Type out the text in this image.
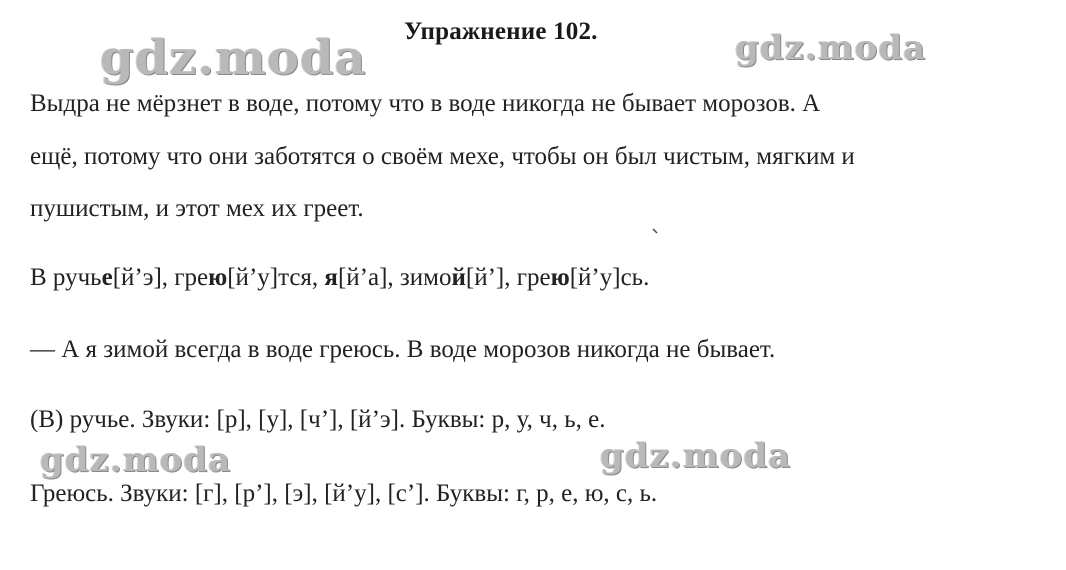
gdz.moda	gdz.moda
gdz.moda	gdz.moda
Упражнение 102.
Выдра не мёрзнет в воде, потому что в воде никогда не бывает морозов. А
ещё, потому что они заботятся о своём мехе, чтобы он был чистым, мягким и
пушистым, и этот мех их греет.
В ручье[й’э], грею[й’у]тся, я[й’а], зимой[й’], грею[й’у]сь.
— А я зимой всегда в воде греюсь. В воде морозов никогда не бывает.
(В) ручье. Звуки: [р], [у], [ч’], [й’э]. Буквы: р, у, ч, ь, е.
Греюсь. Звуки: [г], [р’], [э], [й’у], [с’]. Буквы: г, р, е, ю, с, ь.
